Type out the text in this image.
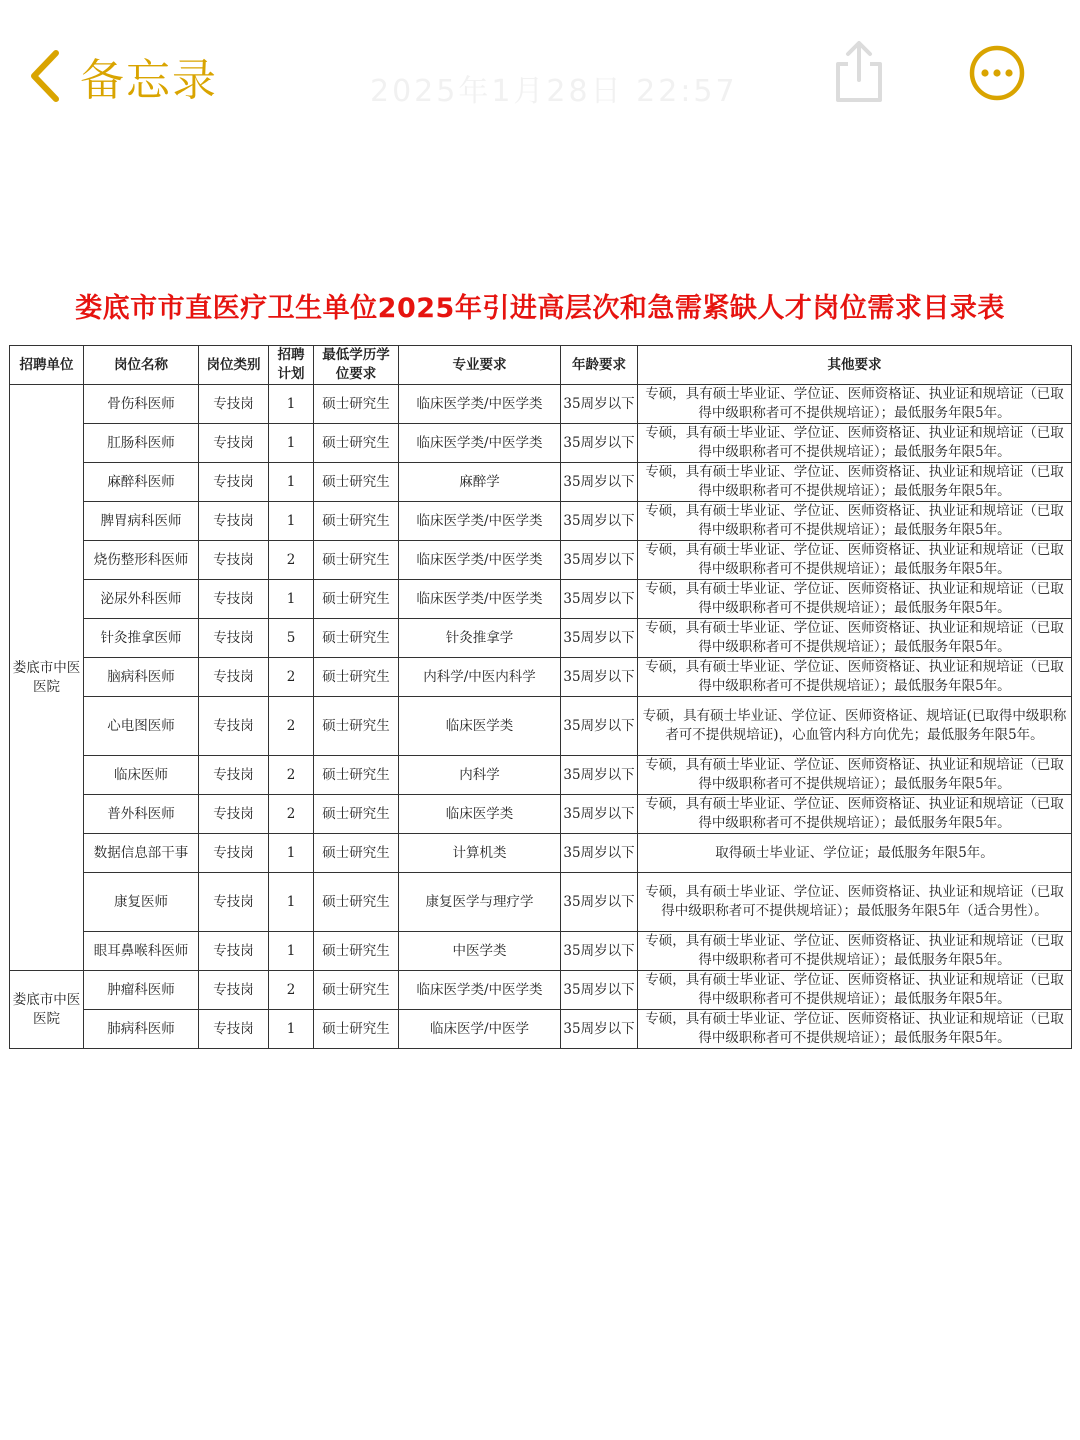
备忘录	2025年1月28日 22:57
娄底市市直医疗卫生单位2025年引进高层次和急需紧缺人才岗位需求目录表
招聘单位	岗位名称	岗位类别	招聘计划	最低学历学位要求	专业要求	年龄要求	其他要求
娄底市中医医院	骨伤科医师	专技岗	1	硕士研究生	临床医学类/中医学类	35周岁以下	专硕，具有硕士毕业证、学位证、医师资格证、执业证和规培证（已取得中级职称者可不提供规培证）；最低服务年限5年。
	肛肠科医师	专技岗	1	硕士研究生	临床医学类/中医学类	35周岁以下	专硕，具有硕士毕业证、学位证、医师资格证、执业证和规培证（已取得中级职称者可不提供规培证）；最低服务年限5年。
	麻醉科医师	专技岗	1	硕士研究生	麻醉学	35周岁以下	专硕，具有硕士毕业证、学位证、医师资格证、执业证和规培证（已取得中级职称者可不提供规培证）；最低服务年限5年。
	脾胃病科医师	专技岗	1	硕士研究生	临床医学类/中医学类	35周岁以下	专硕，具有硕士毕业证、学位证、医师资格证、执业证和规培证（已取得中级职称者可不提供规培证）；最低服务年限5年。
	烧伤整形科医师	专技岗	2	硕士研究生	临床医学类/中医学类	35周岁以下	专硕，具有硕士毕业证、学位证、医师资格证、执业证和规培证（已取得中级职称者可不提供规培证）；最低服务年限5年。
	泌尿外科医师	专技岗	1	硕士研究生	临床医学类/中医学类	35周岁以下	专硕，具有硕士毕业证、学位证、医师资格证、执业证和规培证（已取得中级职称者可不提供规培证）；最低服务年限5年。
	针灸推拿医师	专技岗	5	硕士研究生	针灸推拿学	35周岁以下	专硕，具有硕士毕业证、学位证、医师资格证、执业证和规培证（已取得中级职称者可不提供规培证）；最低服务年限5年。
	脑病科医师	专技岗	2	硕士研究生	内科学/中医内科学	35周岁以下	专硕，具有硕士毕业证、学位证、医师资格证、执业证和规培证（已取得中级职称者可不提供规培证）；最低服务年限5年。
	心电图医师	专技岗	2	硕士研究生	临床医学类	35周岁以下	专硕，具有硕士毕业证、学位证、医师资格证、规培证(已取得中级职称者可不提供规培证)，心血管内科方向优先；最低服务年限5年。
	临床医师	专技岗	2	硕士研究生	内科学	35周岁以下	专硕，具有硕士毕业证、学位证、医师资格证、执业证和规培证（已取得中级职称者可不提供规培证）；最低服务年限5年。
	普外科医师	专技岗	2	硕士研究生	临床医学类	35周岁以下	专硕，具有硕士毕业证、学位证、医师资格证、执业证和规培证（已取得中级职称者可不提供规培证）；最低服务年限5年。
	数据信息部干事	专技岗	1	硕士研究生	计算机类	35周岁以下	取得硕士毕业证、学位证；最低服务年限5年。
	康复医师	专技岗	1	硕士研究生	康复医学与理疗学	35周岁以下	专硕，具有硕士毕业证、学位证、医师资格证、执业证和规培证（已取得中级职称者可不提供规培证）；最低服务年限5年（适合男性）。
	眼耳鼻喉科医师	专技岗	1	硕士研究生	中医学类	35周岁以下	专硕，具有硕士毕业证、学位证、医师资格证、执业证和规培证（已取得中级职称者可不提供规培证）；最低服务年限5年。
娄底市中医医院	肿瘤科医师	专技岗	2	硕士研究生	临床医学类/中医学类	35周岁以下	专硕，具有硕士毕业证、学位证、医师资格证、执业证和规培证（已取得中级职称者可不提供规培证）；最低服务年限5年。
	肺病科医师	专技岗	1	硕士研究生	临床医学/中医学	35周岁以下	专硕，具有硕士毕业证、学位证、医师资格证、执业证和规培证（已取得中级职称者可不提供规培证）；最低服务年限5年。
